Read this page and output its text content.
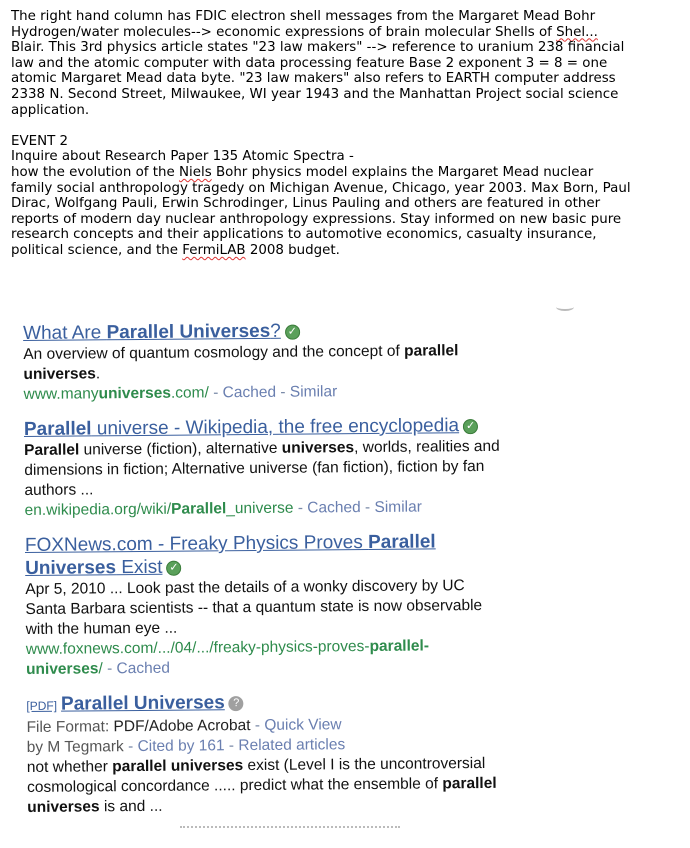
The right hand column has FDIC electron shell messages from the Margaret Mead Bohr

Hydrogen/water molecules--> economic expressions of brain molecular Shells of Shel...

Blair. This 3rd physics article states "23 law makers" --> reference to uranium 238 financial

law and the atomic computer with data processing feature Base 2 exponent 3 = 8 = one

atomic Margaret Mead data byte. "23 law makers" also refers to EARTH computer address

2338 N. Second Street, Milwaukee, WI year 1943 and the Manhattan Project social science

application.

EVENT 2

Inquire about Research Paper 135 Atomic Spectra -

how the evolution of the Niels Bohr physics model explains the Margaret Mead nuclear

family social anthropology tragedy on Michigan Avenue, Chicago, year 2003. Max Born, Paul

Dirac, Wolfgang Pauli, Erwin Schrodinger, Linus Pauling and others are featured in other

reports of modern day nuclear anthropology expressions. Stay informed on new basic pure

research concepts and their applications to automotive economics, casualty insurance,

political science, and the FermiLAB 2008 budget.

What Are Parallel Universes? ✓
An overview of quantum cosmology and the concept of parallel
universes.
www.manyuniverses.com/ - Cached - Similar
Parallel universe - Wikipedia, the free encyclopedia ✓
Parallel universe (fiction), alternative universes, worlds, realities and
dimensions in fiction; Alternative universe (fan fiction), fiction by fan
authors ...
en.wikipedia.org/wiki/Parallel_universe - Cached - Similar
FOXNews.com - Freaky Physics Proves Parallel
Universes Exist ✓
Apr 5, 2010 ... Look past the details of a wonky discovery by UC
Santa Barbara scientists -- that a quantum state is now observable
with the human eye ...
www.foxnews.com/.../04/.../freaky-physics-proves-parallel-
universes/ - Cached
[PDF] Parallel Universes ?
File Format: PDF/Adobe Acrobat - Quick View
by M Tegmark - Cited by 161 - Related articles
not whether parallel universes exist (Level I is the uncontroversial
cosmological concordance ..... predict what the ensemble of parallel
universes is and ...
